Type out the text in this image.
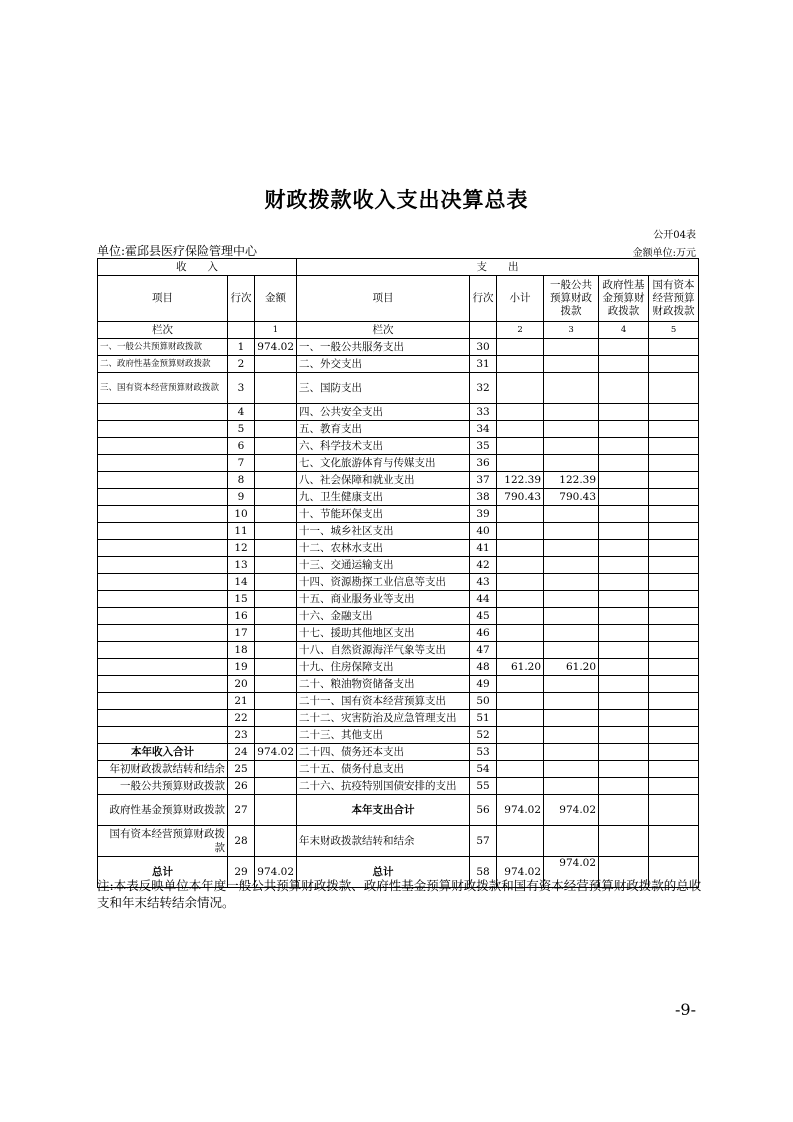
财政拨款收入支出决算总表
公开04表
单位:霍邱县医疗保险管理中心	金额单位:万元
收　　入			支　　出					
项目	行次	金额	项目	行次	小计	一般公共预算财政拨款	政府性基金预算财政拨款	国有资本经营预算财政拨款
栏次		1	栏次		2	3	4	5
一、一般公共预算财政拨款	1	974.02	一、一般公共服务支出	30				
二、政府性基金预算财政拨款	2		二、外交支出	31				
三、国有资本经营预算财政拨款	3		三、国防支出	32				
	4		四、公共安全支出	33				
	5		五、教育支出	34				
	6		六、科学技术支出	35				
	7		七、文化旅游体育与传媒支出	36				
	8		八、社会保障和就业支出	37	122.39	122.39		
	9		九、卫生健康支出	38	790.43	790.43		
	10		十、节能环保支出	39				
	11		十一、城乡社区支出	40				
	12		十二、农林水支出	41				
	13		十三、交通运输支出	42				
	14		十四、资源勘探工业信息等支出	43				
	15		十五、商业服务业等支出	44				
	16		十六、金融支出	45				
	17		十七、援助其他地区支出	46				
	18		十八、自然资源海洋气象等支出	47				
	19		十九、住房保障支出	48	61.20	61.20		
	20		二十、粮油物资储备支出	49				
	21		二十一、国有资本经营预算支出	50				
	22		二十二、灾害防治及应急管理支出	51				
	23		二十三、其他支出	52				
本年收入合计	24	974.02	二十四、债务还本支出	53				
年初财政拨款结转和结余	25		二十五、债务付息支出	54				
一般公共预算财政拨款	26		二十六、抗疫特别国债安排的支出	55				
政府性基金预算财政拨款	27		本年支出合计	56	974.02	974.02		
国有资本经营预算财政拨款	28		年末财政拨款结转和结余	57				
总计	29	974.02	总计	58	974.02	974.02		
注:本表反映单位本年度一般公共预算财政拨款、政府性基金预算财政拨款和国有资本经营预算财政拨款的总收支和年末结转结余情况。
-9-
